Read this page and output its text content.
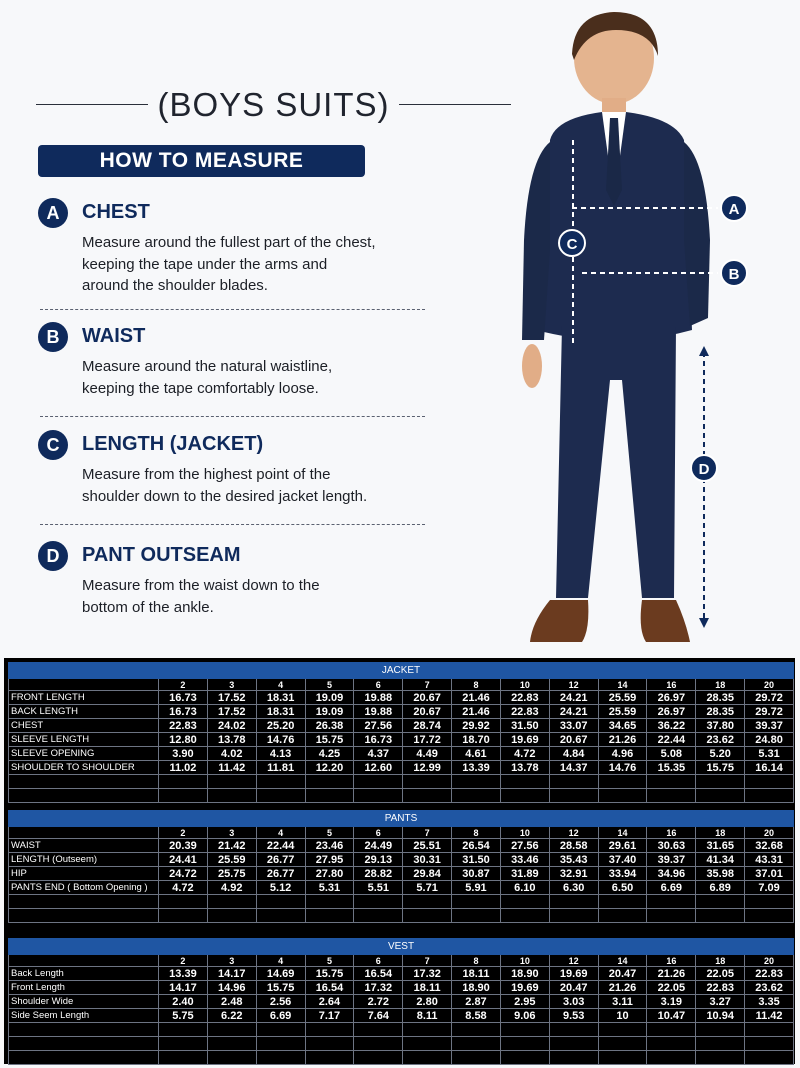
(BOYS SUITS)
HOW TO MEASURE
A	CHEST
Measure around the fullest part of the chest,
keeping the tape under the arms and
around the shoulder blades.
B	WAIST
Measure around the natural waistline,
keeping the tape comfortably loose.
C	LENGTH (JACKET)
Measure from the highest point of the
shoulder down to the desired jacket length.
D	PANT OUTSEAM
Measure from the waist down to the
bottom of the ankle.
A
B
C
D
JACKET													
	2	3	4	5	6	7	8	10	12	14	16	18	20
FRONT LENGTH	16.73	17.52	18.31	19.09	19.88	20.67	21.46	22.83	24.21	25.59	26.97	28.35	29.72
BACK LENGTH	16.73	17.52	18.31	19.09	19.88	20.67	21.46	22.83	24.21	25.59	26.97	28.35	29.72
CHEST	22.83	24.02	25.20	26.38	27.56	28.74	29.92	31.50	33.07	34.65	36.22	37.80	39.37
SLEEVE LENGTH	12.80	13.78	14.76	15.75	16.73	17.72	18.70	19.69	20.67	21.26	22.44	23.62	24.80
SLEEVE OPENING	3.90	4.02	4.13	4.25	4.37	4.49	4.61	4.72	4.84	4.96	5.08	5.20	5.31
SHOULDER TO SHOULDER	11.02	11.42	11.81	12.20	12.60	12.99	13.39	13.78	14.37	14.76	15.35	15.75	16.14

PANTS													
	2	3	4	5	6	7	8	10	12	14	16	18	20
WAIST	20.39	21.42	22.44	23.46	24.49	25.51	26.54	27.56	28.58	29.61	30.63	31.65	32.68
LENGTH (Outseem)	24.41	25.59	26.77	27.95	29.13	30.31	31.50	33.46	35.43	37.40	39.37	41.34	43.31
HIP	24.72	25.75	26.77	27.80	28.82	29.84	30.87	31.89	32.91	33.94	34.96	35.98	37.01
PANTS END ( Bottom Opening )	4.72	4.92	5.12	5.31	5.51	5.71	5.91	6.10	6.30	6.50	6.69	6.89	7.09

VEST													
	2	3	4	5	6	7	8	10	12	14	16	18	20
Back Length	13.39	14.17	14.69	15.75	16.54	17.32	18.11	18.90	19.69	20.47	21.26	22.05	22.83
Front Length	14.17	14.96	15.75	16.54	17.32	18.11	18.90	19.69	20.47	21.26	22.05	22.83	23.62
Shoulder Wide	2.40	2.48	2.56	2.64	2.72	2.80	2.87	2.95	3.03	3.11	3.19	3.27	3.35
Side Seem Length	5.75	6.22	6.69	7.17	7.64	8.11	8.58	9.06	9.53	10	10.47	10.94	11.42
